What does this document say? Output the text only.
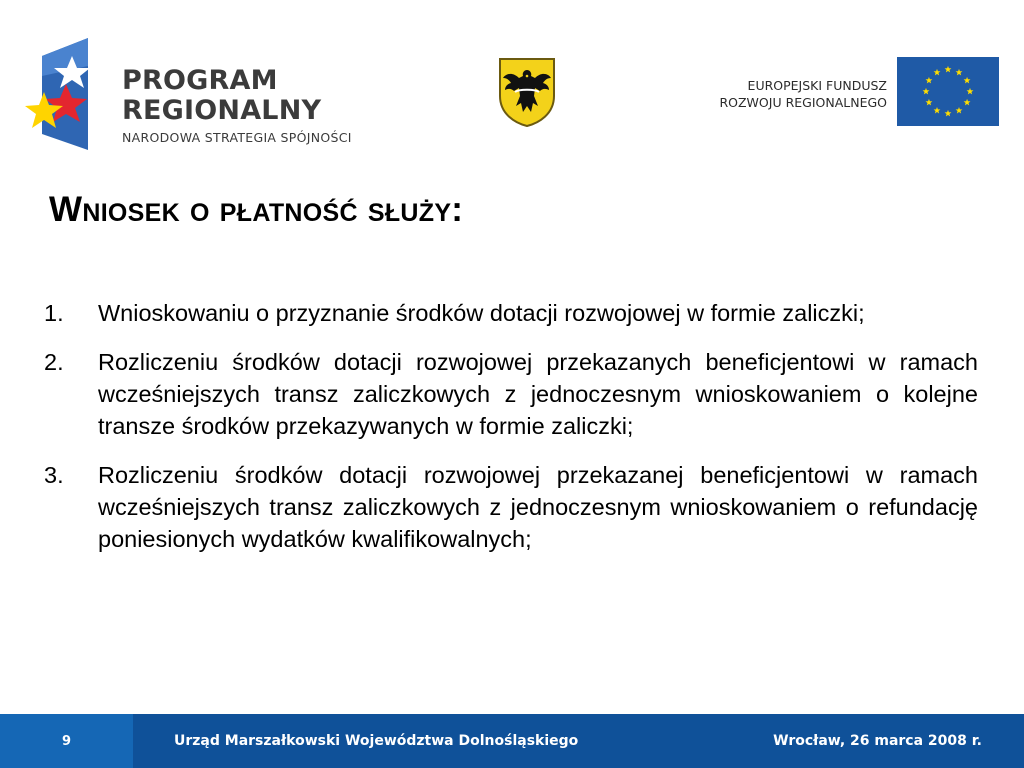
PROGRAM
REGIONALNY
NARODOWA STRATEGIA SPÓJNOŚCI
EUROPEJSKI FUNDUSZ
ROZWOJU REGIONALNEGO
Wniosek o płatność służy:
1. Wnioskowaniu o przyznanie środków dotacji rozwojowej w formie zaliczki;
2. Rozliczeniu środków dotacji rozwojowej przekazanych beneficjentowi w ramach wcześniejszych transz zaliczkowych z jednoczesnym wnioskowaniem o kolejne transze środków przekazywanych w formie zaliczki;
3. Rozliczeniu środków dotacji rozwojowej przekazanej beneficjentowi w ramach wcześniejszych transz zaliczkowych z jednoczesnym wnioskowaniem o refundację poniesionych wydatków kwalifikowalnych;
9	Urząd Marszałkowski Województwa Dolnośląskiego	Wrocław, 26 marca 2008 r.
